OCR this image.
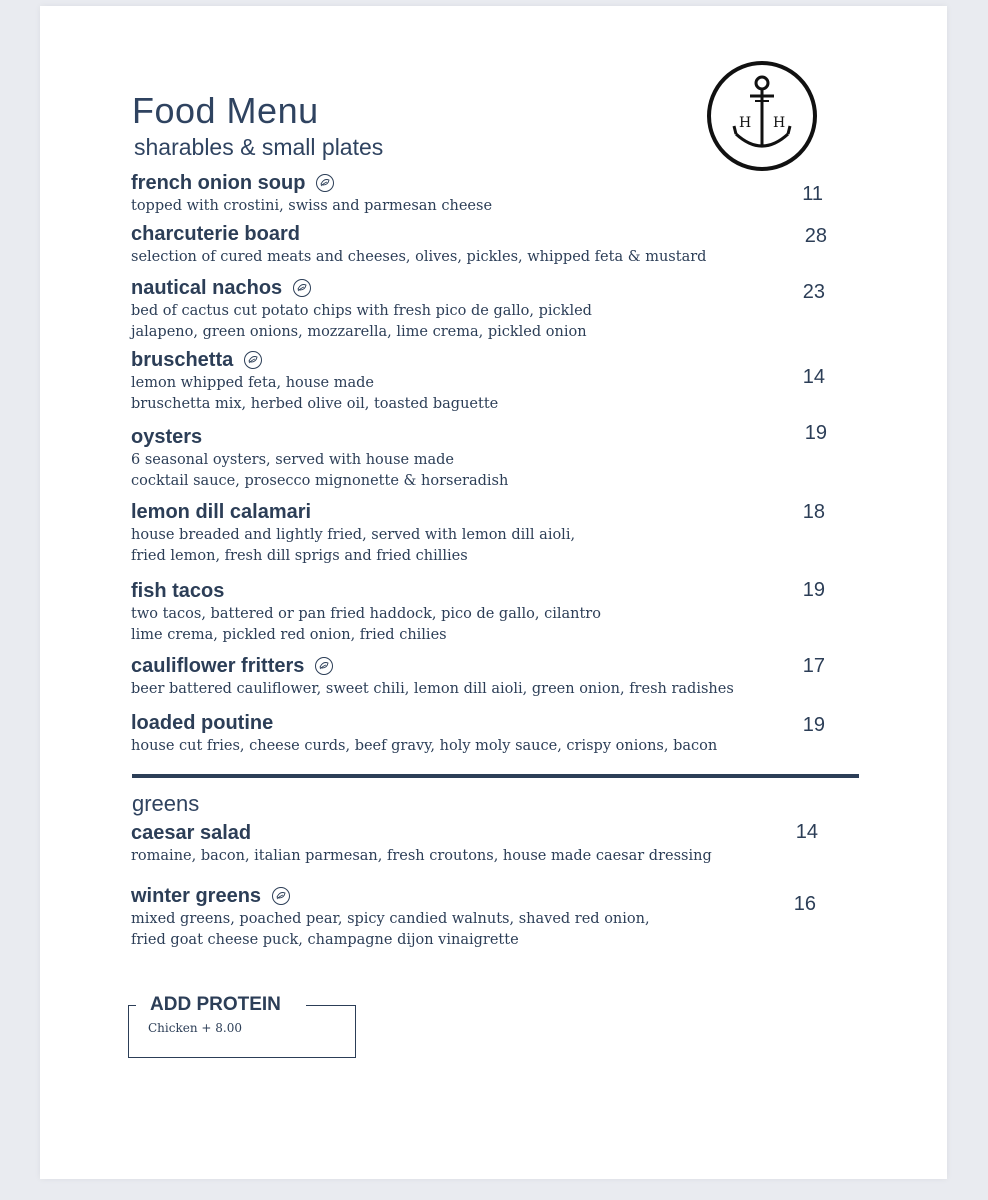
Food Menu
sharables & small plates
H H
french onion soup
topped with crostini, swiss and parmesan cheese
11
charcuterie board
selection of cured meats and cheeses, olives, pickles, whipped feta & mustard
28
nautical nachos
bed of cactus cut potato chips with fresh pico de gallo, pickled
jalapeno, green onions, mozzarella, lime crema, pickled onion
23
bruschetta
lemon whipped feta, house made
bruschetta mix, herbed olive oil, toasted baguette
14
oysters
6 seasonal oysters, served with house made
cocktail sauce, prosecco mignonette & horseradish
19
lemon dill calamari
house breaded and lightly fried, served with lemon dill aioli,
fried lemon, fresh dill sprigs and fried chillies
18
fish tacos
two tacos, battered or pan fried haddock, pico de gallo, cilantro
lime crema, pickled red onion, fried chilies
19
cauliflower fritters
beer battered cauliflower, sweet chili, lemon dill aioli, green onion, fresh radishes
17
loaded poutine
house cut fries, cheese curds, beef gravy, holy moly sauce, crispy onions, bacon
19
caesar salad
romaine, bacon, italian parmesan, fresh croutons, house made caesar dressing
14
winter greens
mixed greens, poached pear, spicy candied walnuts, shaved red onion,
fried goat cheese puck, champagne dijon vinaigrette
16
greens
ADD PROTEIN
Chicken + 8.00
